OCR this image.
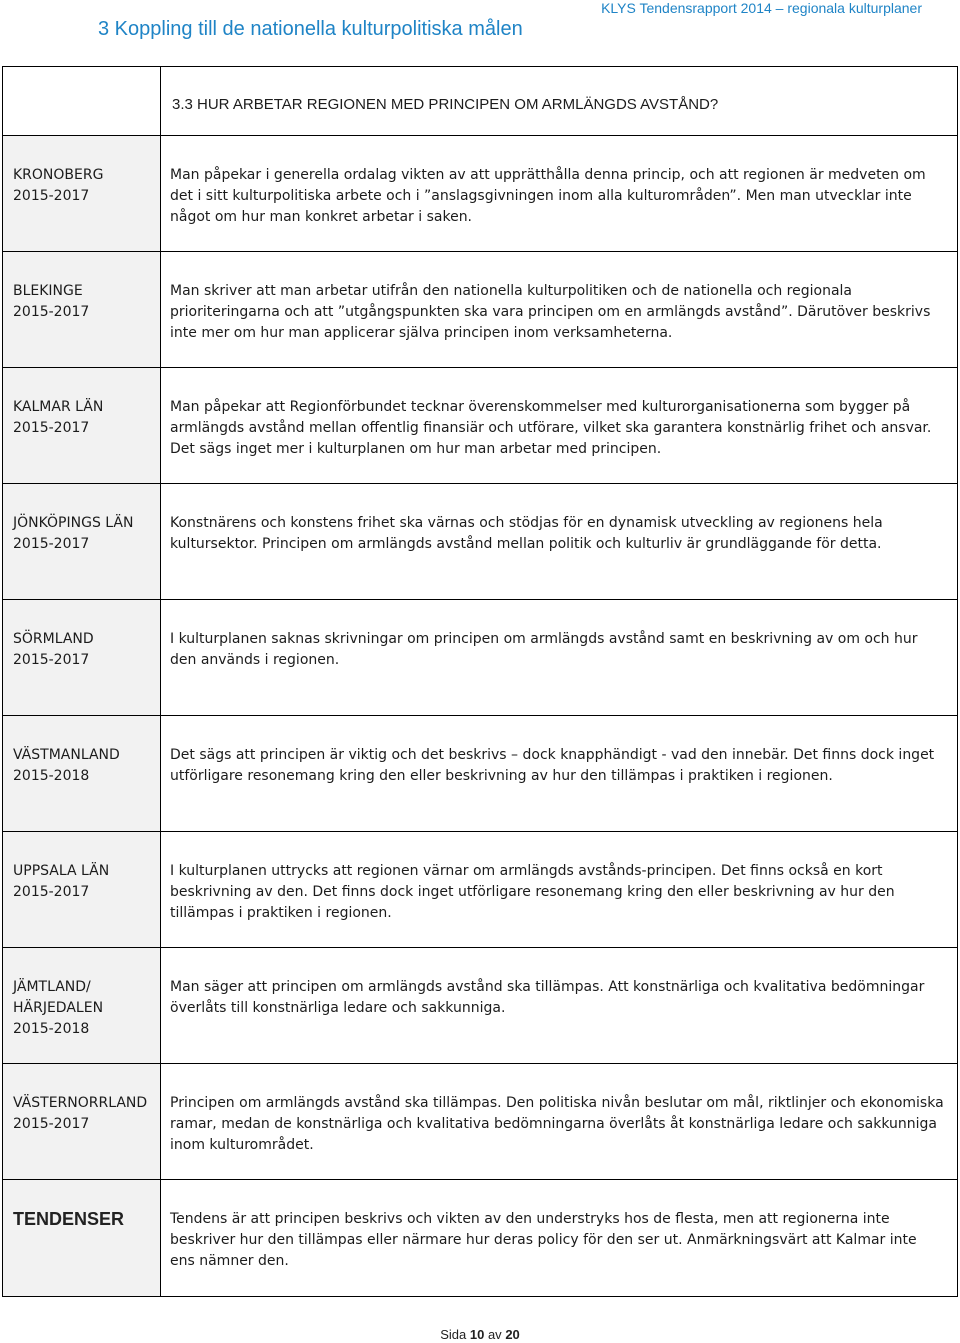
3 Koppling till de nationella kulturpolitiska målen
KLYS Tendensrapport 2014 – regionala kulturplaner

	3.3 HUR ARBETAR REGIONEN MED PRINCIPEN OM ARMLÄNGDS AVSTÅND?

KRONOBERG
2015-2017	Man påpekar i generella ordalag vikten av att upprätthålla denna princip, och att regionen är medveten om det i sitt kulturpolitiska arbete och i ”anslagsgivningen inom alla kulturområden”. Men man utvecklar inte något om hur man konkret arbetar i saken.

BLEKINGE
2015-2017	Man skriver att man arbetar utifrån den nationella kulturpolitiken och de nationella och regionala prioriteringarna och att ”utgångspunkten ska vara principen om en armlängds avstånd”. Därutöver beskrivs inte mer om hur man applicerar själva principen inom verksamheterna.

KALMAR LÄN
2015-2017	Man påpekar att Regionförbundet tecknar överenskommelser med kulturorganisationerna som bygger på armlängds avstånd mellan offentlig finansiär och utförare, vilket ska garantera konstnärlig frihet och ansvar. Det sägs inget mer i kulturplanen om hur man arbetar med principen.

JÖNKÖPINGS LÄN
2015-2017	Konstnärens och konstens frihet ska värnas och stödjas för en dynamisk utveckling av regionens hela kultursektor. Principen om armlängds avstånd mellan politik och kulturliv är grundläggande för detta.

SÖRMLAND
2015-2017	I kulturplanen saknas skrivningar om principen om armlängds avstånd samt en beskrivning av om och hur den används i regionen.

VÄSTMANLAND
2015-2018	Det sägs att principen är viktig och det beskrivs – dock knapphändigt - vad den innebär. Det finns dock inget utförligare resonemang kring den eller beskrivning av hur den tillämpas i praktiken i regionen.

UPPSALA LÄN
2015-2017	I kulturplanen uttrycks att regionen värnar om armlängds avstånds-principen. Det finns också en kort beskrivning av den. Det finns dock inget utförligare resonemang kring den eller beskrivning av hur den tillämpas i praktiken i regionen.

JÄMTLAND/ HÄRJEDALEN
2015-2018	Man säger att principen om armlängds avstånd ska tillämpas. Att konstnärliga och kvalitativa bedömningar överlåts till konstnärliga ledare och sakkunniga.

VÄSTERNORRLAND
2015-2017	Principen om armlängds avstånd ska tillämpas. Den politiska nivån beslutar om mål, riktlinjer och ekonomiska ramar, medan de konstnärliga och kvalitativa bedömningarna överlåts åt konstnärliga ledare och sakkunniga inom kulturområdet.

TENDENSER	Tendens är att principen beskrivs och vikten av den understryks hos de flesta, men att regionerna inte beskriver hur den tillämpas eller närmare hur deras policy för den ser ut. Anmärkningsvärt att Kalmar inte ens nämner den.
Sida 10 av 20
